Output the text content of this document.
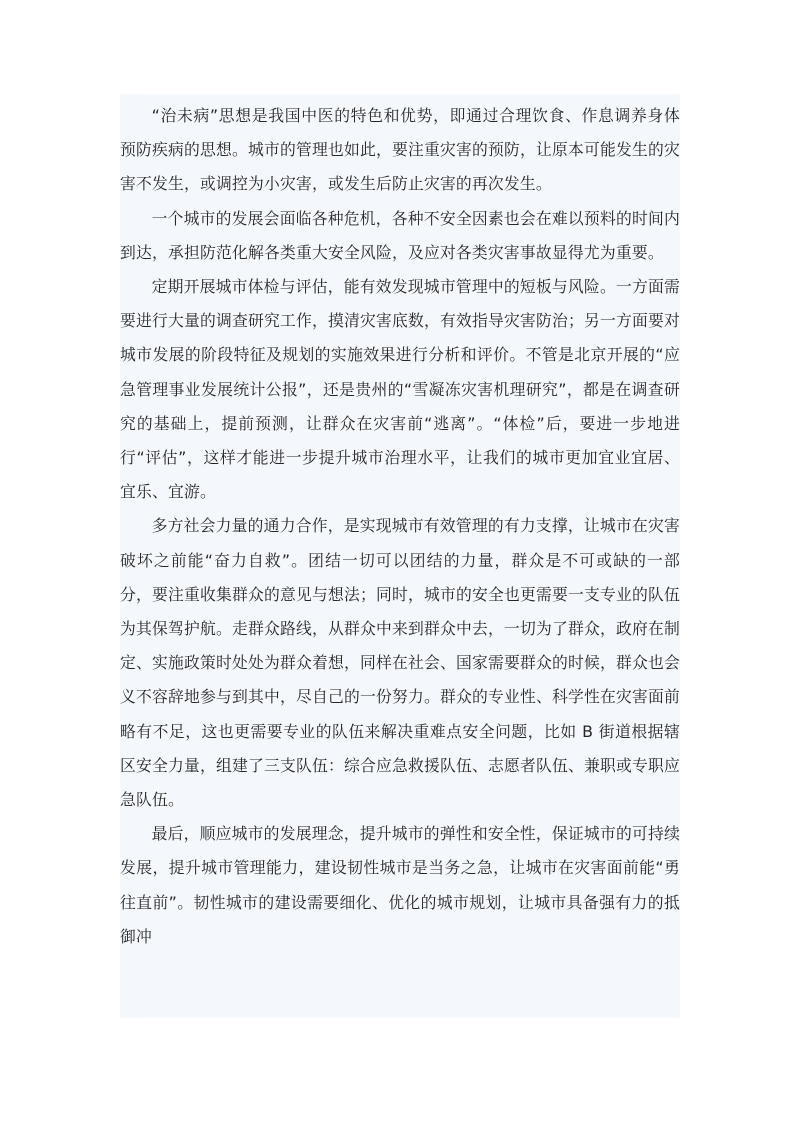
“治未病”思想是我国中医的特色和优势，即通过合理饮食、作息调养身体预防疾病的思想。城市的管理也如此，要注重灾害的预防，让原本可能发生的灾害不发生，或调控为小灾害，或发生后防止灾害的再次发生。

一个城市的发展会面临各种危机，各种不安全因素也会在难以预料的时间内到达，承担防范化解各类重大安全风险，及应对各类灾害事故显得尤为重要。

定期开展城市体检与评估，能有效发现城市管理中的短板与风险。一方面需要进行大量的调查研究工作，摸清灾害底数，有效指导灾害防治；另一方面要对城市发展的阶段特征及规划的实施效果进行分析和评价。不管是北京开展的“应急管理事业发展统计公报”，还是贵州的“雪凝冻灾害机理研究”，都是在调查研究的基础上，提前预测，让群众在灾害前“逃离”。“体检”后，要进一步地进行“评估”，这样才能进一步提升城市治理水平，让我们的城市更加宜业宜居、宜乐、宜游。

多方社会力量的通力合作，是实现城市有效管理的有力支撑，让城市在灾害破坏之前能“奋力自救”。团结一切可以团结的力量，群众是不可或缺的一部分，要注重收集群众的意见与想法；同时，城市的安全也更需要一支专业的队伍为其保驾护航。走群众路线，从群众中来到群众中去，一切为了群众，政府在制定、实施政策时处处为群众着想，同样在社会、国家需要群众的时候，群众也会义不容辞地参与到其中，尽自己的一份努力。群众的专业性、科学性在灾害面前略有不足，这也更需要专业的队伍来解决重难点安全问题，比如 B 街道根据辖区安全力量，组建了三支队伍：综合应急救援队伍、志愿者队伍、兼职或专职应急队伍。

最后，顺应城市的发展理念，提升城市的弹性和安全性，保证城市的可持续发展，提升城市管理能力，建设韧性城市是当务之急，让城市在灾害面前能“勇往直前”。韧性城市的建设需要细化、优化的城市规划，让城市具备强有力的抵御冲
